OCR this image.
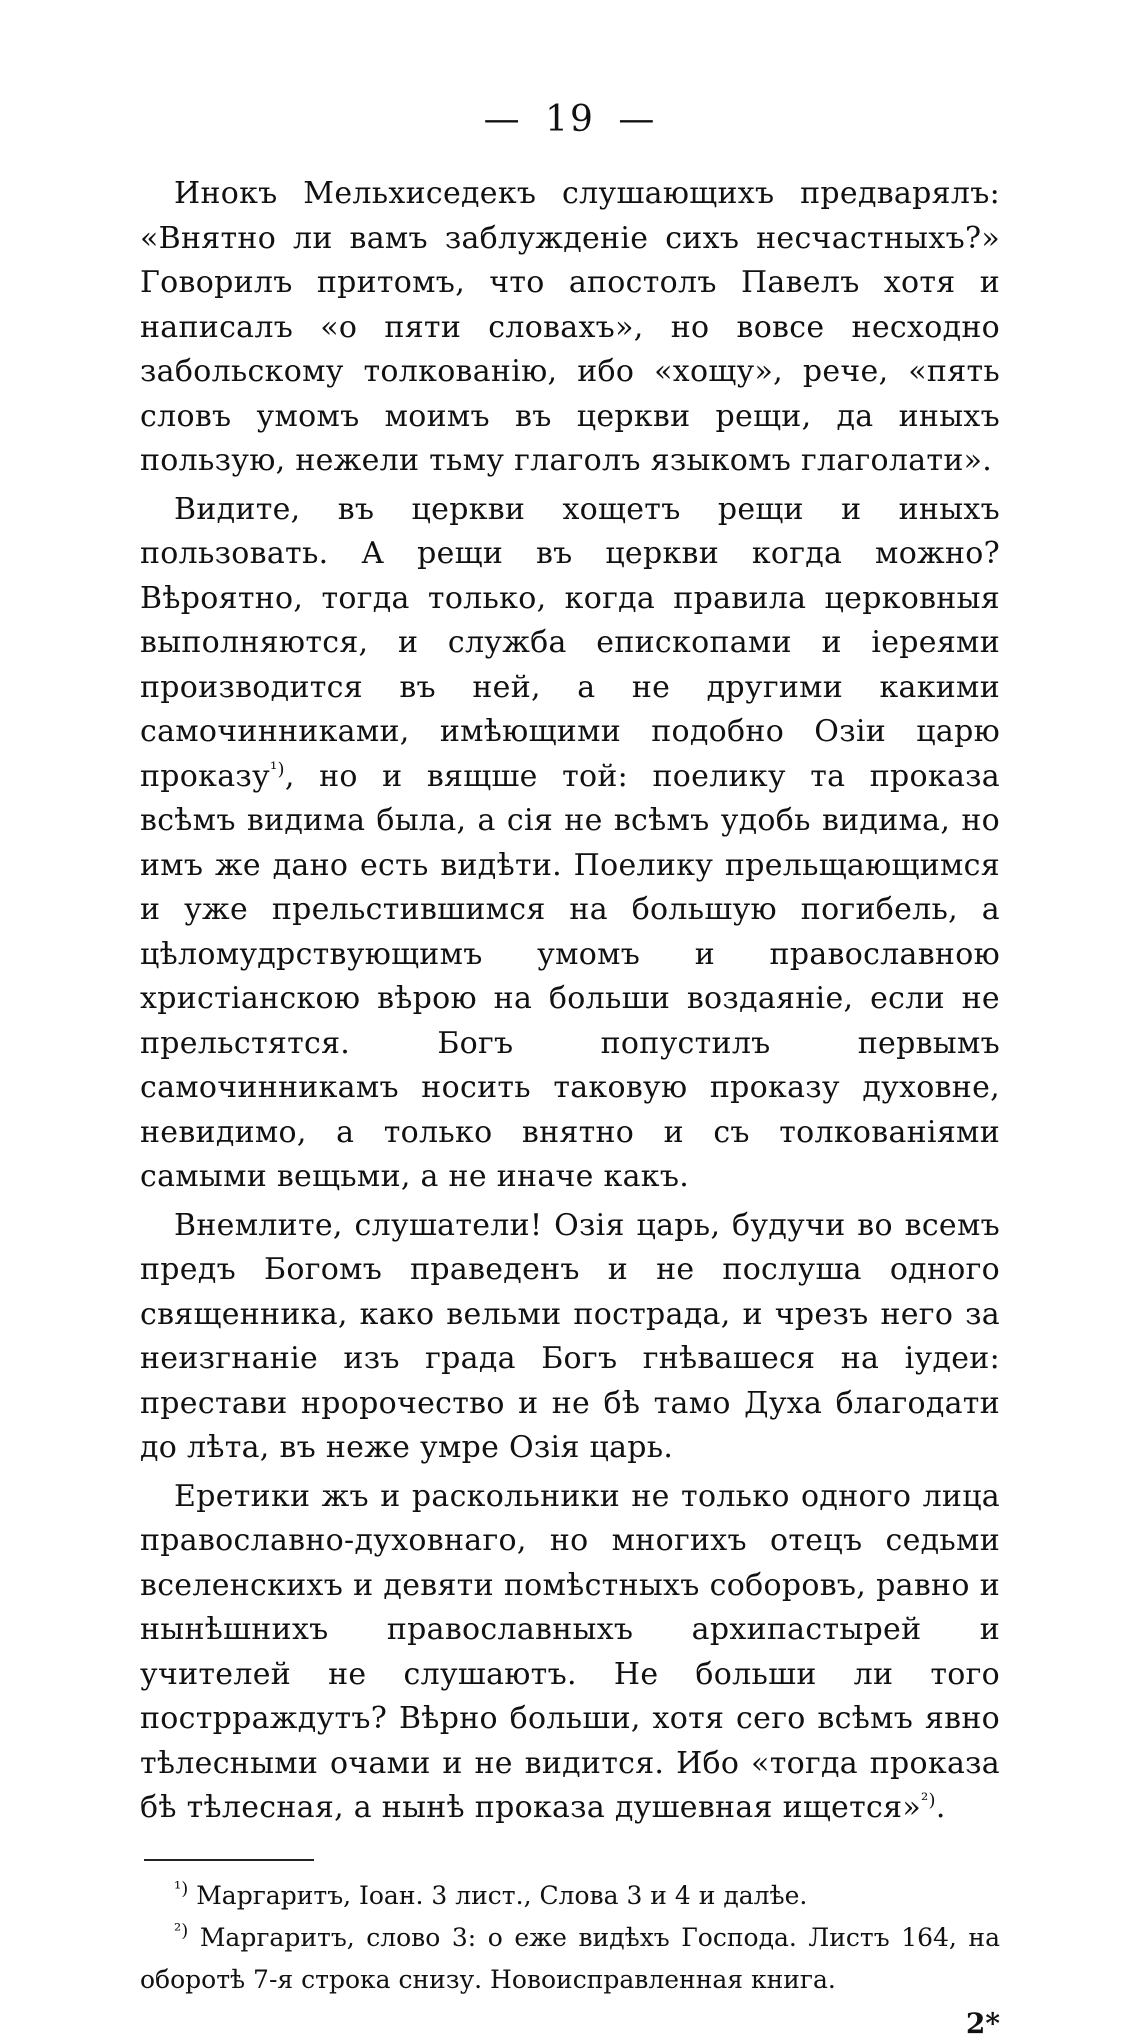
— 19 —

Инокъ Мельхиседекъ слушающихъ предварялъ: «Внятно ли вамъ заблужденіе сихъ несчастныхъ?» Говорилъ притомъ, что апостолъ Павелъ хотя и написалъ «о пяти словахъ», но вовсе несходно забольскому толкованію, ибо «хощу», рече, «пять словъ умомъ моимъ въ церкви рещи, да иныхъ пользую, нежели тьму глаголъ языкомъ глаголати».

Видите, въ церкви хощетъ рещи и иныхъ пользовать. А рещи въ церкви когда можно? Вѣроятно, тогда только, когда правила церковныя выполняются, и служба епископами и іереями производится въ ней, а не другими какими самочинниками, имѣющими подобно Озіи царю проказу$^{^1)}$, но и вящше той: поелику та проказа всѣмъ видима была, а сія не всѣмъ удобь видима, но имъ же дано есть видѣти. Поелику прельщающимся и уже прельстившимся на большую погибель, а цѣломудрствующимъ умомъ и православною христіанскою вѣрою на больши воздаяніе, если не прельстятся. Богъ попустилъ первымъ самочинникамъ носить таковую проказу духовне, невидимо, а только внятно и съ толкованіями самыми вещьми, а не иначе какъ.

Внемлите, слушатели! Озія царь, будучи во всемъ предъ Богомъ праведенъ и не послуша одного священника, како вельми пострада, и чрезъ него за неизгнаніе изъ града Богъ гнѣвашеся на іудеи: престави нророчество и не бѣ тамо Духа благодати до лѣта, въ неже умре Озія царь.

Еретики жъ и раскольники не только одного лица православно-духовнаго, но многихъ отецъ седьми вселенскихъ и девяти помѣстныхъ соборовъ, равно и нынѣшнихъ православныхъ архипастырей и учителей не слушаютъ. Не больши ли того пострраждутъ? Вѣрно больши, хотя сего всѣмъ явно тѣлесными очами и не видится. Ибо «тогда проказа бѣ тѣлесная, а нынѣ проказа душевная ищется»$^{^2)}$.

$^{^1)}$ Маргаритъ, Іоан. 3 лист., Слова 3 и 4 и далѣе.

$^{^2)}$ Маргаритъ, слово 3: о еже видѣхъ Господа. Листъ 164, на оборотѣ 7-я строка снизу. Новоисправленная книга.

2*
